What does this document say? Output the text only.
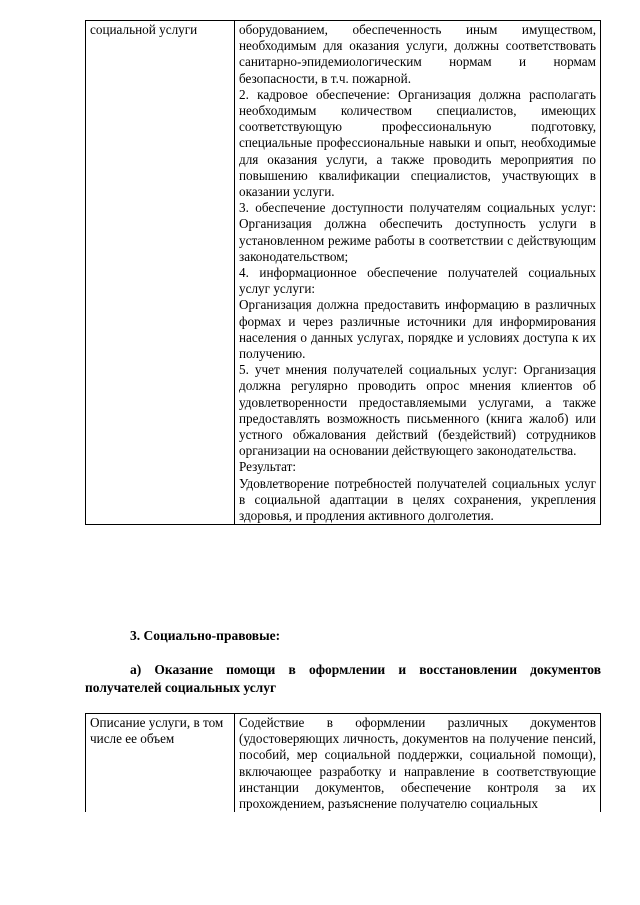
социальной услуги	оборудованием, обеспеченность иным имуществом, необходимым для оказания услуги, должны соответствовать санитарно-эпидемиологическим нормам и нормам безопасности, в т.ч. пожарной.
2. кадровое обеспечение: Организация должна располагать необходимым количеством специалистов, имеющих соответствующую профессиональную подготовку, специальные профессиональные навыки и опыт, необходимые для оказания услуги, а также проводить мероприятия по повышению квалификации специалистов, участвующих в оказании услуги.
3. обеспечение доступности получателям социальных услуг: Организация должна обеспечить доступность услуги в установленном режиме работы в соответствии с действующим законодательством;
4. информационное обеспечение получателей социальных услуг услуги:
Организация должна предоставить информацию в различных формах и через различные источники для информирования населения о данных услугах, порядке и условиях доступа к их получению.
5. учет мнения получателей социальных услуг: Организация должна регулярно проводить опрос мнения клиентов об удовлетворенности предоставляемыми услугами, а также предоставлять возможность письменного (книга жалоб) или устного обжалования действий (бездействий) сотрудников организации на основании действующего законодательства.
Результат:
Удовлетворение потребностей получателей социальных услуг в социальной адаптации в целях сохранения, укрепления здоровья, и продления активного долголетия.
3. Социально-правовые:
а) Оказание помощи в оформлении и восстановлении документов получателей социальных услуг
Описание услуги, в том числе ее объем	Содействие в оформлении различных документов (удостоверяющих личность, документов на получение пенсий, пособий, мер социальной поддержки, социальной помощи), включающее разработку и направление в соответствующие инстанции документов, обеспечение контроля за их прохождением, разъяснение получателю социальных
